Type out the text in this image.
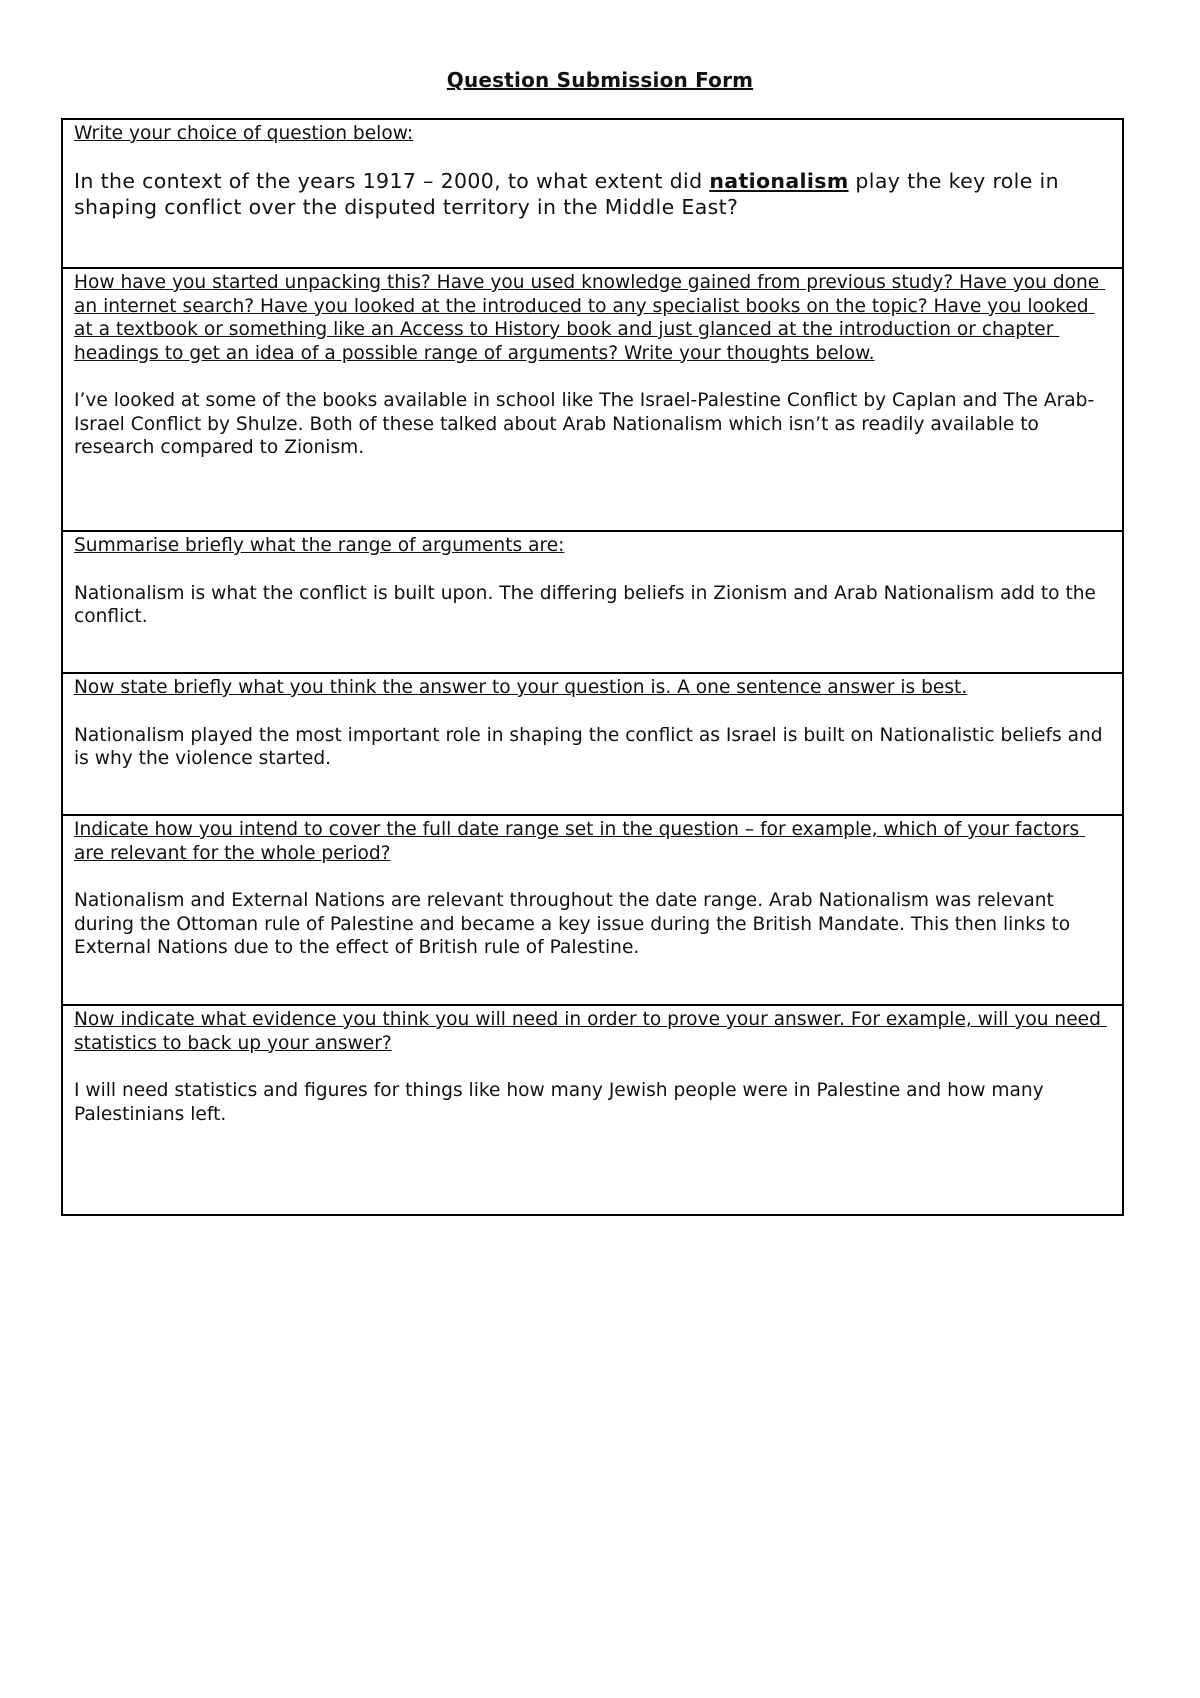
Question Submission Form

Write your choice of question below:

In the context of the years 1917 – 2000, to what extent did nationalism play the key role in shaping conflict over the disputed territory in the Middle East?

How have you started unpacking this? Have you used knowledge gained from previous study? Have you done an internet search? Have you looked at the introduced to any specialist books on the topic? Have you looked at a textbook or something like an Access to History book and just glanced at the introduction or chapter headings to get an idea of a possible range of arguments? Write your thoughts below.

I’ve looked at some of the books available in school like The Israel-Palestine Conflict by Caplan and The Arab-Israel Conflict by Shulze. Both of these talked about Arab Nationalism which isn’t as readily available to research compared to Zionism.

Summarise briefly what the range of arguments are:

Nationalism is what the conflict is built upon. The differing beliefs in Zionism and Arab Nationalism add to the conflict.

Now state briefly what you think the answer to your question is. A one sentence answer is best.

Nationalism played the most important role in shaping the conflict as Israel is built on Nationalistic beliefs and is why the violence started.

Indicate how you intend to cover the full date range set in the question – for example, which of your factors are relevant for the whole period?

Nationalism and External Nations are relevant throughout the date range. Arab Nationalism was relevant during the Ottoman rule of Palestine and became a key issue during the British Mandate. This then links to External Nations due to the effect of British rule of Palestine.

Now indicate what evidence you think you will need in order to prove your answer. For example, will you need statistics to back up your answer?

I will need statistics and figures for things like how many Jewish people were in Palestine and how many Palestinians left.
